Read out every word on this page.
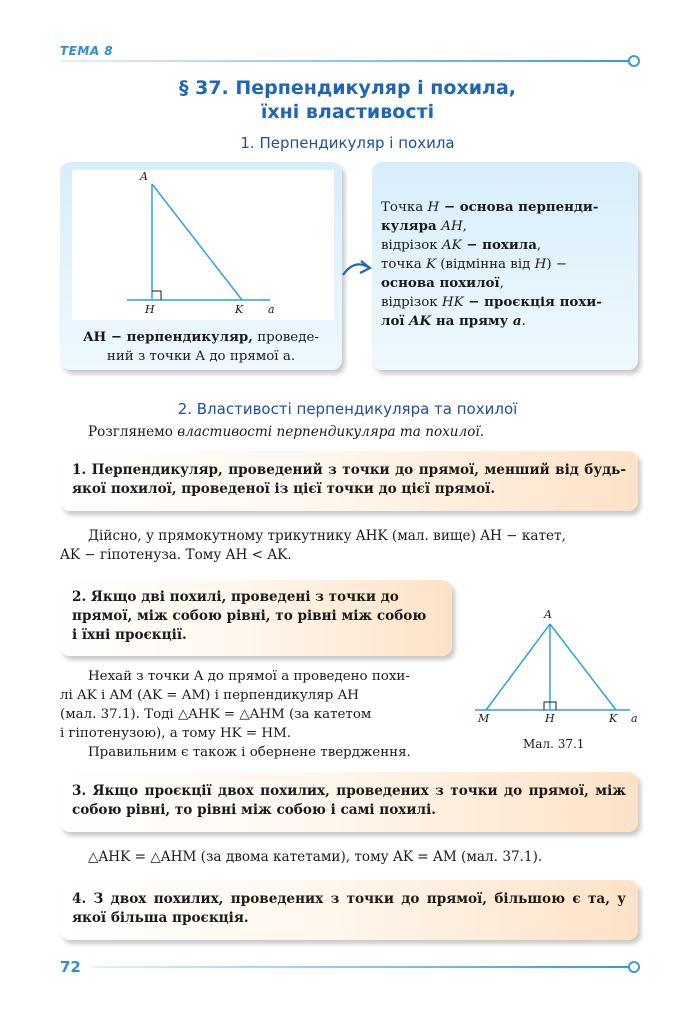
ТЕМА 8
§ 37. Перпендикуляр і похила,
їхні властивості
1. Перпендикуляр і похила
A
H	K a
AH − перпендикуляр, проведе-
ний з точки A до прямої a.
Точка H − основа перпенди-
куляра AH,
відрізок AK − похила,
точка K (відмінна від H) −
основа похилої,
відрізок HK − проєкція похи-
лої AK на пряму a.
2. Властивості перпендикуляра та похилої
Розглянемо властивості перпендикуляра та похилої.
1. Перпендикуляр, проведений з точки до прямої, менший від будь-якої похилої, проведеної із цієї точки до цієї прямої.
Дійсно, у прямокутному трикутнику AHK (мал. вище) AH − катет,
AK − гіпотенуза. Тому AH < AK.
2. Якщо дві похилі, проведені з точки до
прямої, між собою рівні, то рівні між собою
і їхні проєкції.
Нехай з точки A до прямої a проведено похи-
лі AK і AM (AK = AM) і перпендикуляр AH
(мал. 37.1). Тоді △AHK = △AHM (за катетом
і гіпотенузою), а тому HK = HM.
Правильним є також і обернене твердження.
A
M	H	K a
Мал. 37.1
3. Якщо проєкції двох похилих, проведених з точки до прямої, між собою рівні, то рівні між собою і самі похилі.
△AHK = △AHM (за двома катетами), тому AK = AM (мал. 37.1).
4. З двох похилих, проведених з точки до прямої, більшою є та, у якої більша проєкція.
72
